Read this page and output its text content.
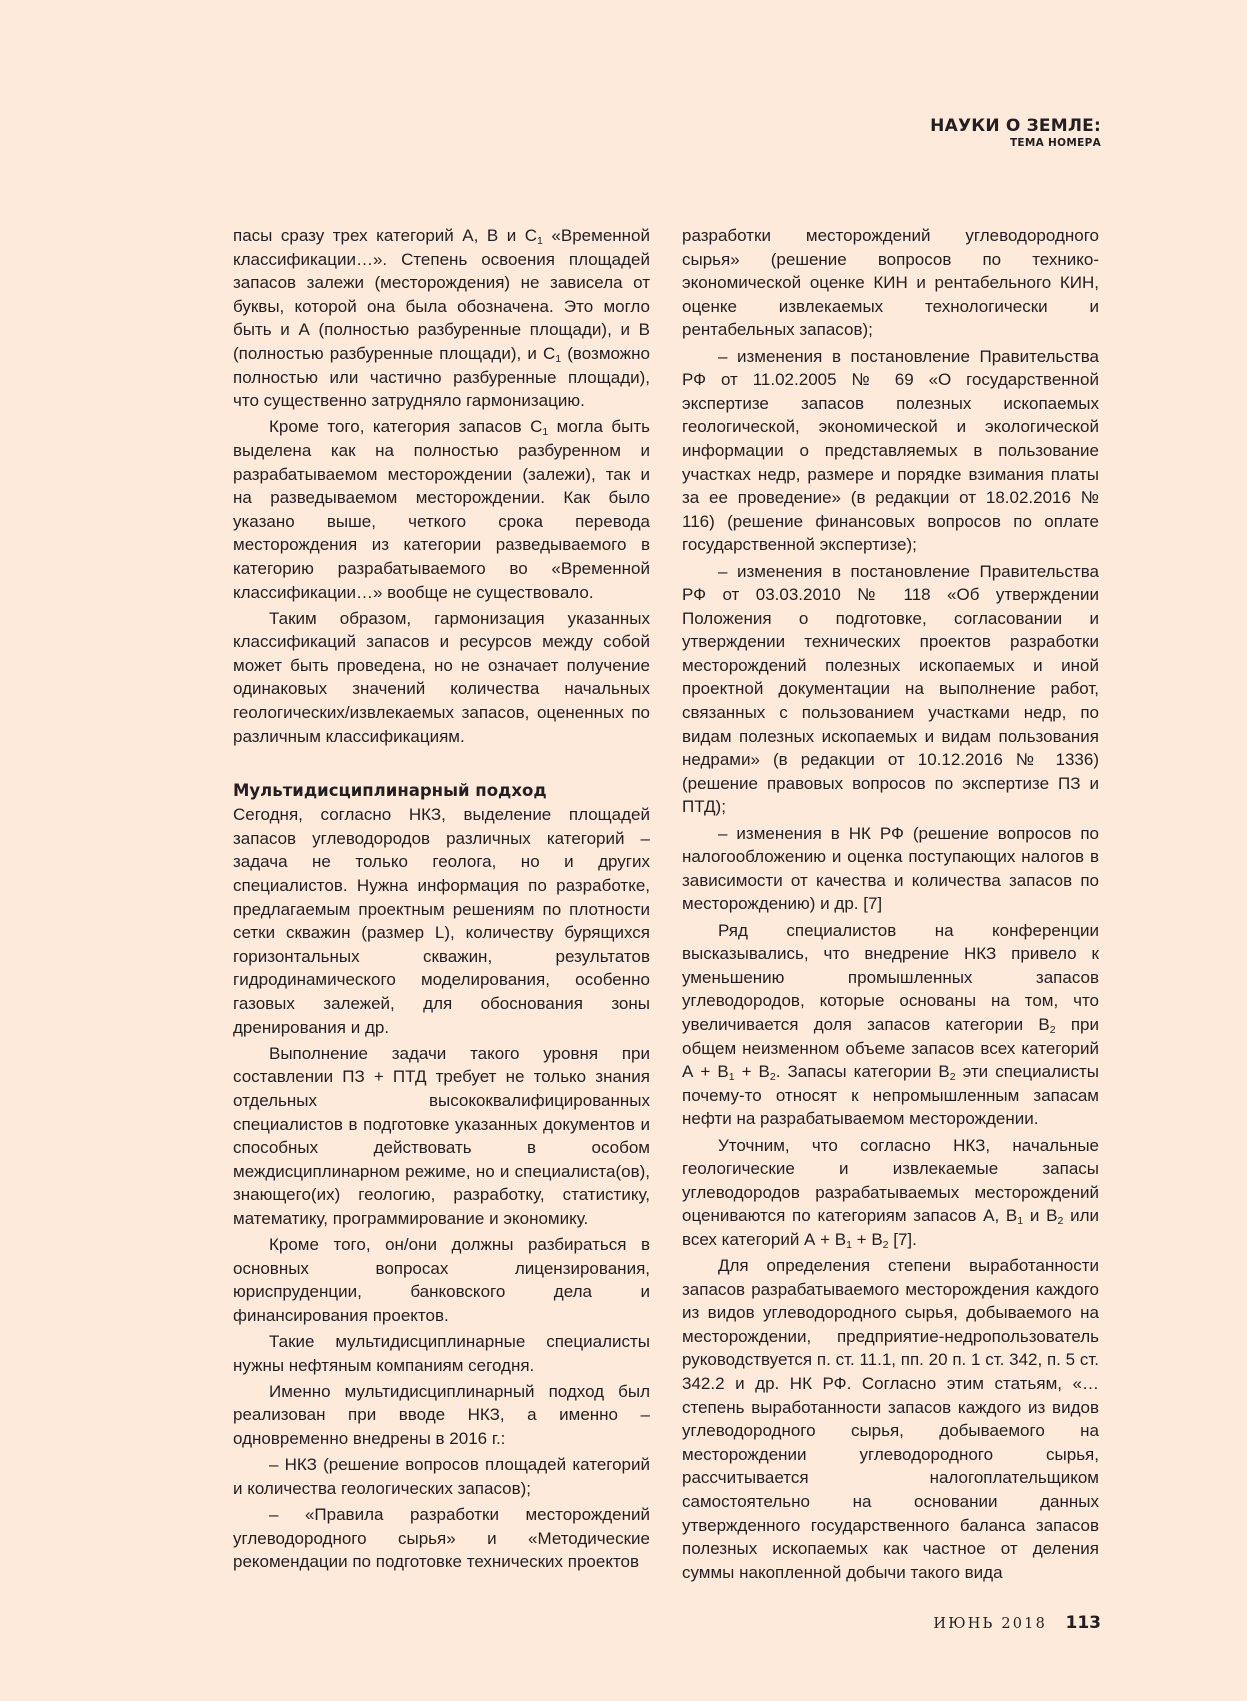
НАУКИ О ЗЕМЛЕ:
ТЕМА НОМЕРА

пасы сразу трех категорий А, В и $С_1$ «Временной классификации…». Степень освоения площадей запасов залежи (месторождения) не зависела от буквы, которой она была обозначена. Это могло быть и А (полностью разбуренные площади), и В (полностью разбуренные площади), и $С_1$ (возможно полностью или частично разбуренные площади), что существенно затрудняло гармонизацию.

Кроме того, категория запасов $С_1$ могла быть выделена как на полностью разбуренном и разрабатываемом месторождении (залежи), так и на разведываемом месторождении. Как было указано выше, четкого срока перевода месторождения из категории разведываемого в категорию разрабатываемого во «Временной классификации…» вообще не существовало.

Таким образом, гармонизация указанных классификаций запасов и ресурсов между собой может быть проведена, но не означает получение одинаковых значений количества начальных геологических/извлекаемых запасов, оцененных по различным классификациям.

Мультидисциплинарный подход

Сегодня, согласно НКЗ, выделение площадей запасов углеводородов различных категорий – задача не только геолога, но и других специалистов. Нужна информация по разработке, предлагаемым проектным решениям по плотности сетки скважин (размер L), количеству бурящихся горизонтальных скважин, результатов гидродинамического моделирования, особенно газовых залежей, для обоснования зоны дренирования и др.

Выполнение задачи такого уровня при составлении ПЗ + ПТД требует не только знания отдельных высококвалифицированных специалистов в подготовке указанных документов и способных действовать в особом междисциплинарном режиме, но и специалиста(ов), знающего(их) геологию, разработку, статистику, математику, программирование и экономику.

Кроме того, он/они должны разбираться в основных вопросах лицензирования, юриспруденции, банковского дела и финансирования проектов.

Такие мультидисциплинарные специалисты нужны нефтяным компаниям сегодня.

Именно мультидисциплинарный подход был реализован при вводе НКЗ, а именно – одновременно внедрены в 2016 г.:

– НКЗ (решение вопросов площадей категорий и количества геологических запасов);

– «Правила разработки месторождений углеводородного сырья» и «Методические рекомендации по подготовке технических проектов

разработки месторождений углеводородного сырья» (решение вопросов по технико-экономической оценке КИН и рентабельного КИН, оценке извлекаемых технологически и рентабельных запасов);

– изменения в постановление Правительства РФ от 11.02.2005 № 69 «О государственной экспертизе запасов полезных ископаемых геологической, экономической и экологической информации о представляемых в пользование участках недр, размере и порядке взимания платы за ее проведение» (в редакции от 18.02.2016 № 116) (решение финансовых вопросов по оплате государственной экспертизе);

– изменения в постановление Правительства РФ от 03.03.2010 № 118 «Об утверждении Положения о подготовке, согласовании и утверждении технических проектов разработки месторождений полезных ископаемых и иной проектной документации на выполнение работ, связанных с пользованием участками недр, по видам полезных ископаемых и видам пользования недрами» (в редакции от 10.12.2016 № 1336) (решение правовых вопросов по экспертизе ПЗ и ПТД);

– изменения в НК РФ (решение вопросов по налогообложению и оценка поступающих налогов в зависимости от качества и количества запасов по месторождению) и др. [7]

Ряд специалистов на конференции высказывались, что внедрение НКЗ привело к уменьшению промышленных запасов углеводородов, которые основаны на том, что увеличивается доля запасов категории $В_2$ при общем неизменном объеме запасов всех категорий $А + В_1 + В_2$. Запасы категории $В_2$ эти специалисты почему-то относят к непромышленным запасам нефти на разрабатываемом месторождении.

Уточним, что согласно НКЗ, начальные геологические и извлекаемые запасы углеводородов разрабатываемых месторождений оцениваются по категориям запасов А, $В_1$ и $В_2$ или всех категорий $А + В_1 + В_2$ [7].

Для определения степени выработанности запасов разрабатываемого месторождения каждого из видов углеводородного сырья, добываемого на месторождении, предприятие-недропользователь руководствуется п. ст. 11.1, пп. 20 п. 1 ст. 342, п. 5 ст. 342.2 и др. НК РФ. Согласно этим статьям, «…степень выработанности запасов каждого из видов углеводородного сырья, добываемого на месторождении углеводородного сырья, рассчитывается налогоплательщиком самостоятельно на основании данных утвержденного государственного баланса запасов полезных ископаемых как частное от деления суммы накопленной добычи такого вида

ИЮНЬ 2018 113
